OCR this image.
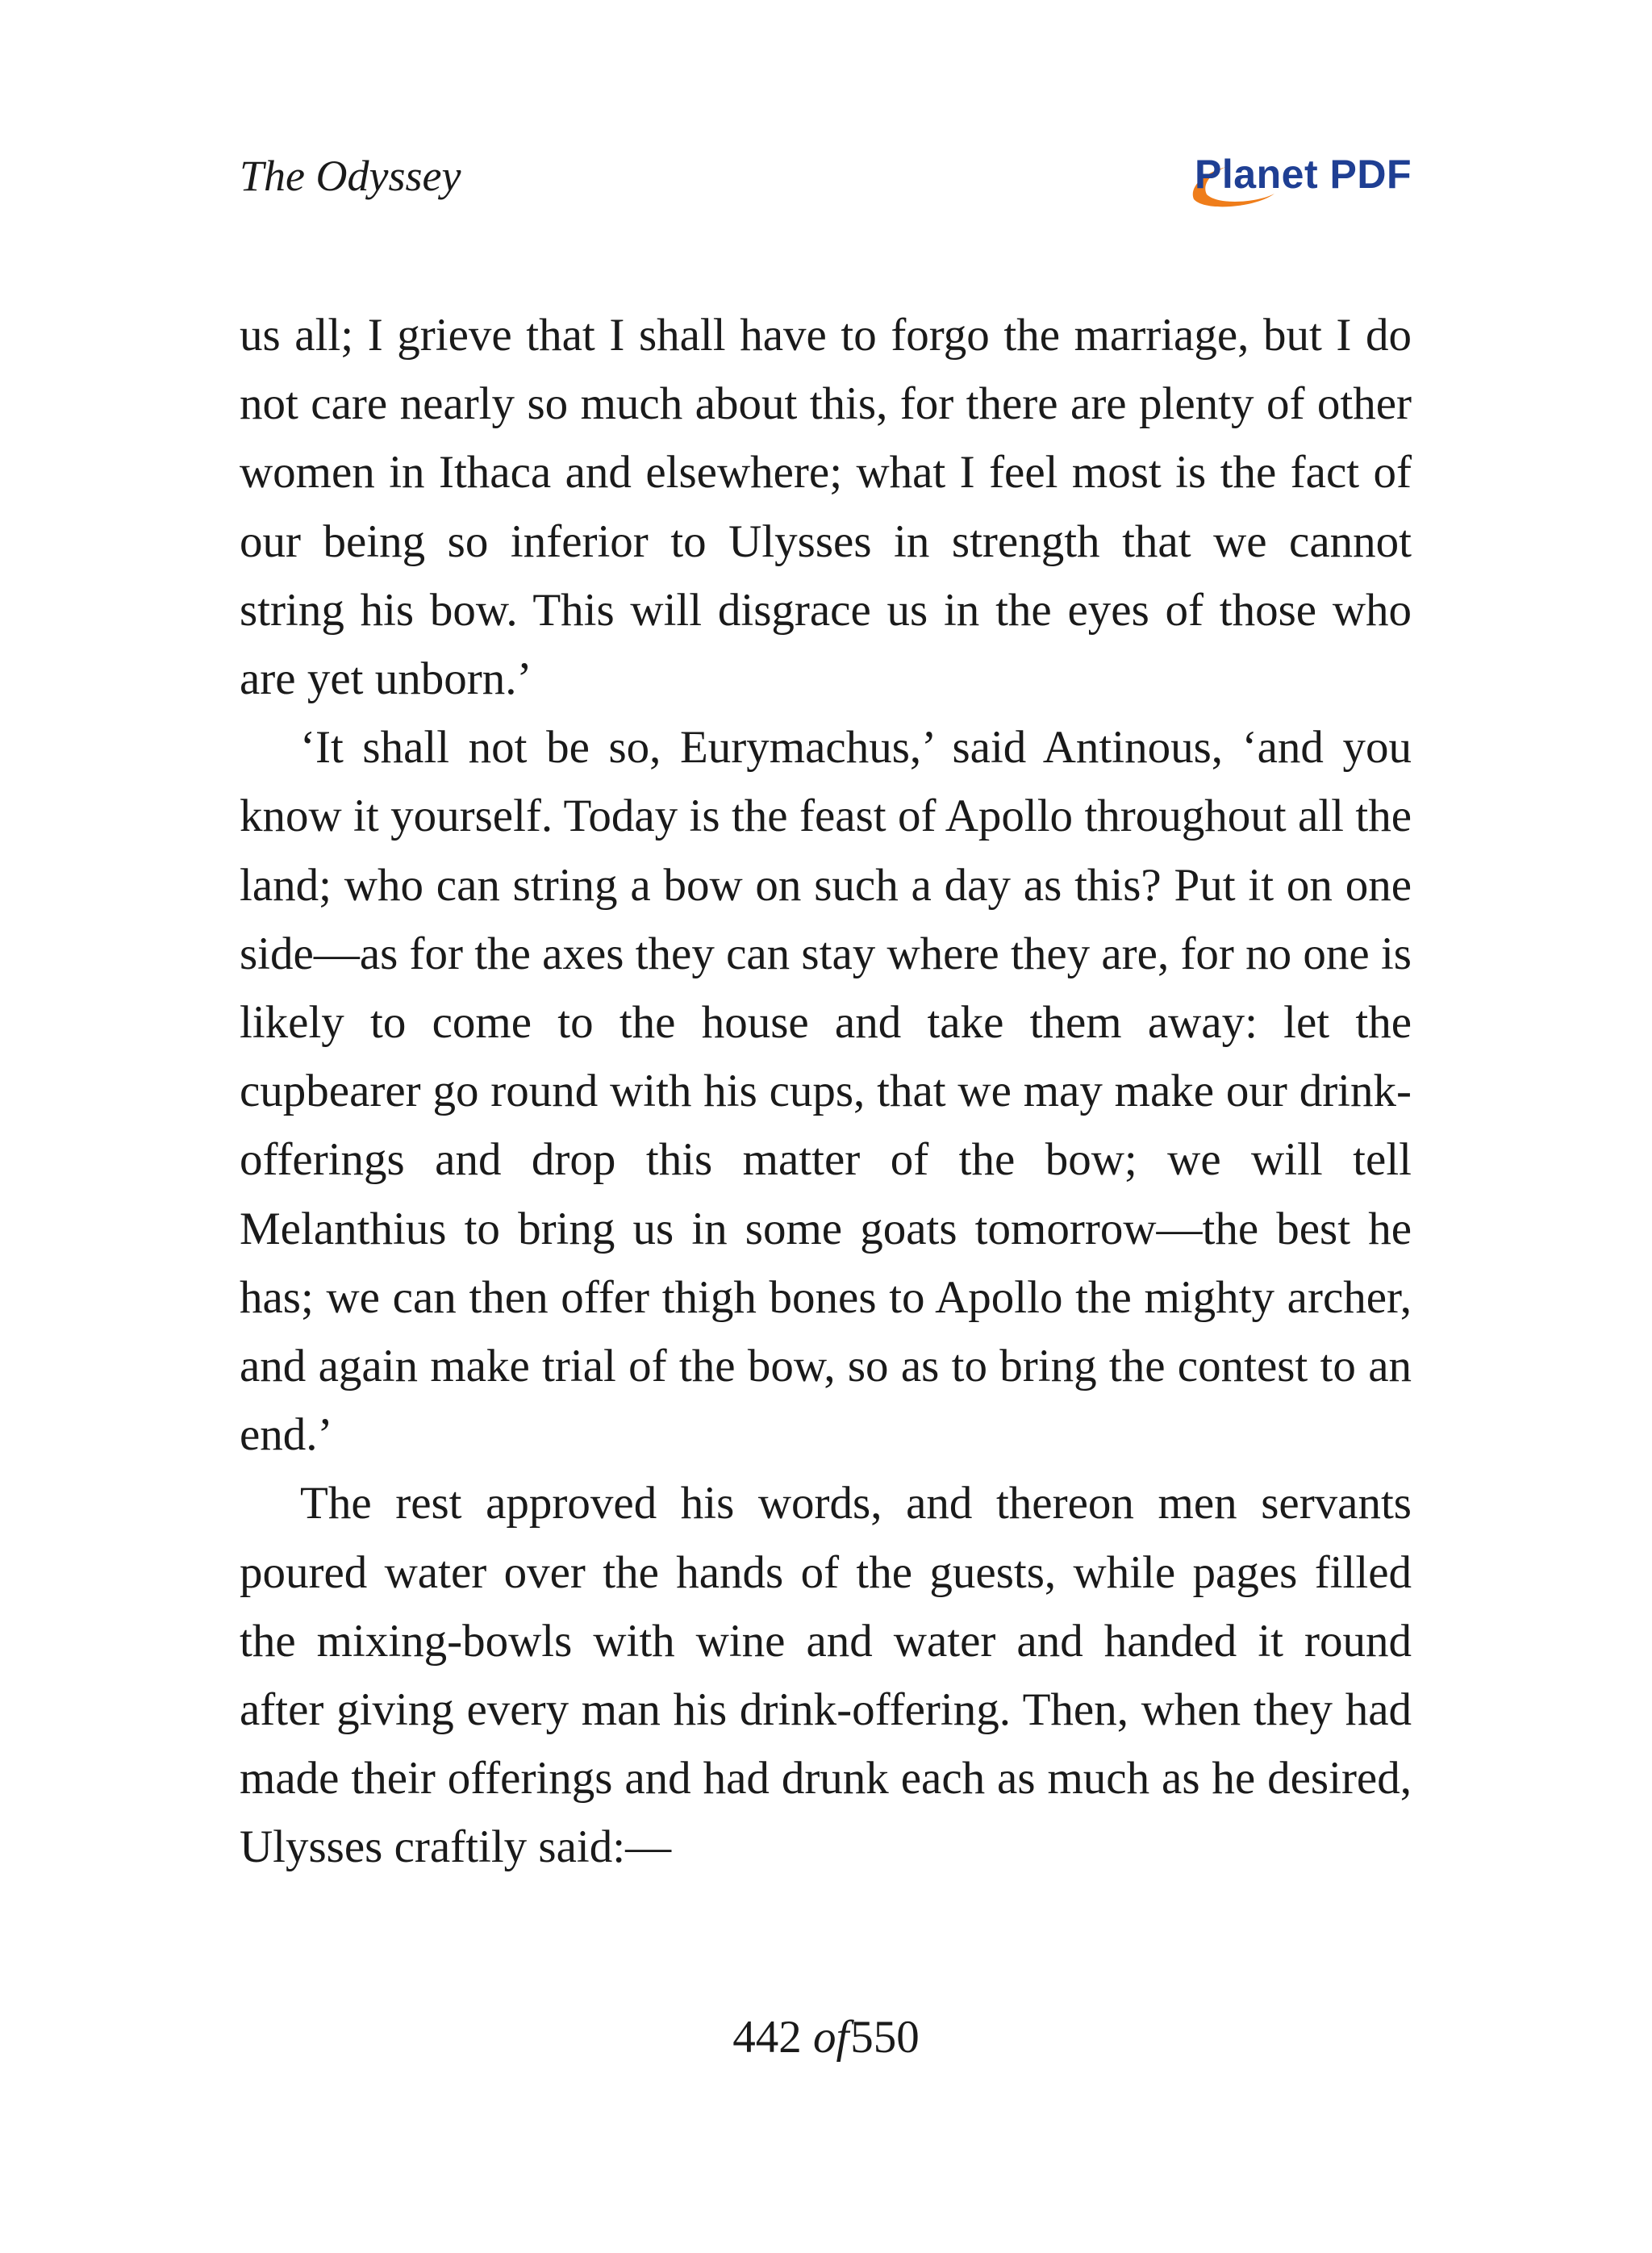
The Odyssey	Planet PDF

us all; I grieve that I shall have to forgo the marriage, but I do not care nearly so much about this, for there are plenty of other women in Ithaca and elsewhere; what I feel most is the fact of our being so inferior to Ulysses in strength that we cannot string his bow. This will disgrace us in the eyes of those who are yet unborn.’

‘It shall not be so, Eurymachus,’ said Antinous, ‘and you know it yourself. Today is the feast of Apollo throughout all the land; who can string a bow on such a day as this? Put it on one side—as for the axes they can stay where they are, for no one is likely to come to the house and take them away: let the cupbearer go round with his cups, that we may make our drink-offerings and drop this matter of the bow; we will tell Melanthius to bring us in some goats tomorrow—the best he has; we can then offer thigh bones to Apollo the mighty archer, and again make trial of the bow, so as to bring the contest to an end.’

The rest approved his words, and thereon men servants poured water over the hands of the guests, while pages filled the mixing-bowls with wine and water and handed it round after giving every man his drink-offering. Then, when they had made their offerings and had drunk each as much as he desired, Ulysses craftily said:—

442 of550
